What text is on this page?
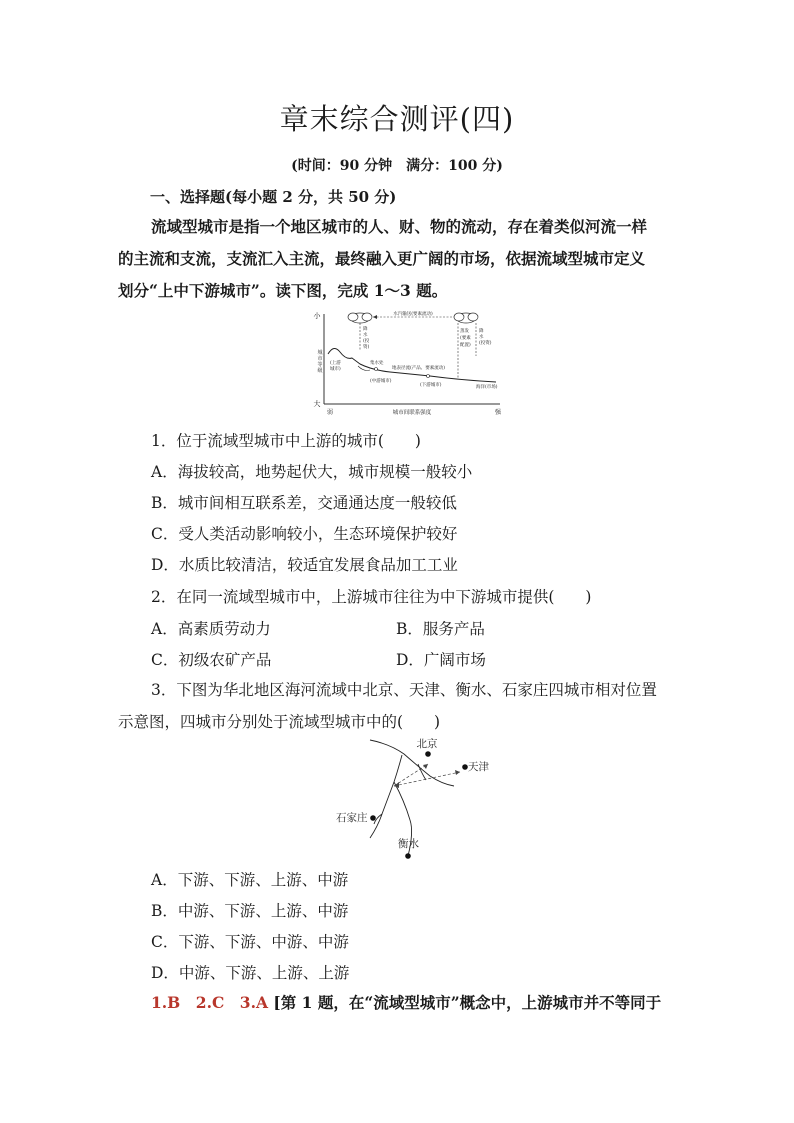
章末综合测评(四)
(时间：90 分钟　满分：100 分)
一、选择题(每小题 2 分，共 50 分)
流域型城市是指一个地区城市的人、财、物的流动，存在着类似河流一样
的主流和支流，支流汇入主流，最终融入更广阔的市场，依据流域型城市定义
划分“上中下游城市”。读下图，完成 1～3 题。
小
大
城
市
等
级
弱	城市间联系强度	强
水汽输送(要素流动)
降
水
(投
资)
蒸发
(要素
配置)
降
水
(投资)
(上游
城市)
集水处
(中游城市)
地表径流(产品、要素流动)
(下游城市)	海洋(市场)
1．位于流域型城市中上游的城市(　　)
A．海拔较高，地势起伏大，城市规模一般较小
B．城市间相互联系差，交通通达度一般较低
C．受人类活动影响较小，生态环境保护较好
D．水质比较清洁，较适宜发展食品加工工业
2．在同一流域型城市中，上游城市往往为中下游城市提供(　　)
A．高素质劳动力	B．服务产品
C．初级农矿产品	D．广阔市场
3．下图为华北地区海河流域中北京、天津、衡水、石家庄四城市相对位置
示意图，四城市分别处于流域型城市中的(　　)
北京
天津
石家庄
衡水
A．下游、下游、上游、中游
B．中游、下游、上游、中游
C．下游、下游、中游、中游
D．中游、下游、上游、上游
1.B　2.C　3.A [第 1 题，在“流域型城市”概念中，上游城市并不等同于
